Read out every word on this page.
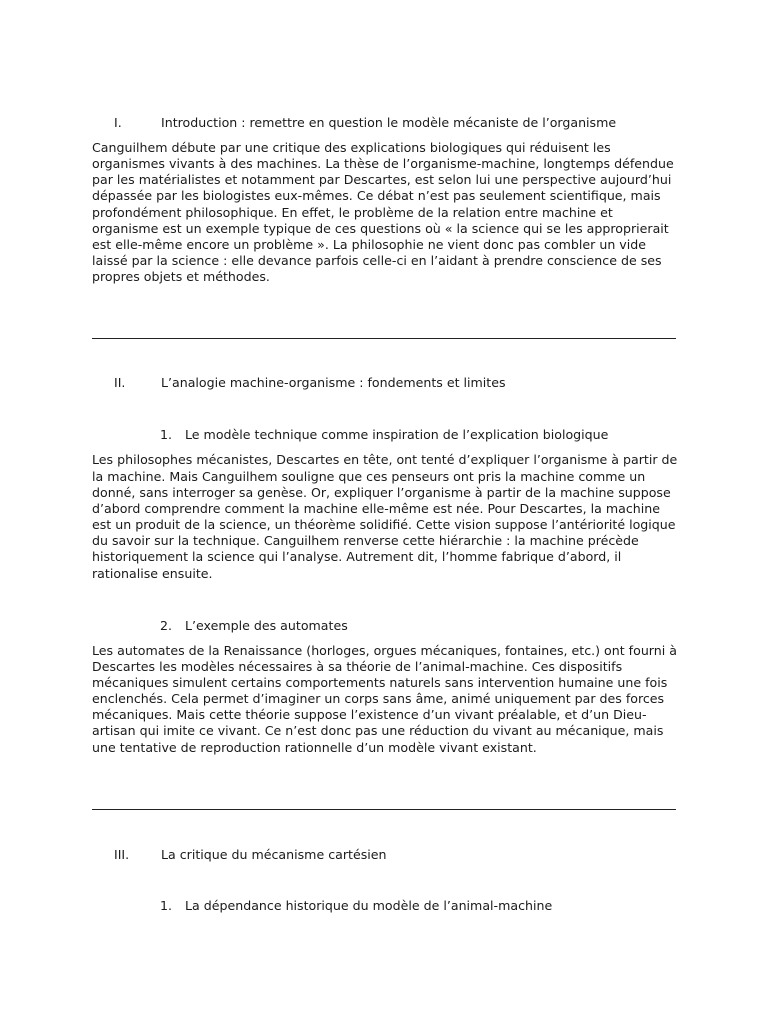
I.	Introduction : remettre en question le modèle mécaniste de l’organisme

Canguilhem débute par une critique des explications biologiques qui réduisent les organismes vivants à des machines. La thèse de l’organisme-machine, longtemps défendue par les matérialistes et notamment par Descartes, est selon lui une perspective aujourd’hui dépassée par les biologistes eux-mêmes. Ce débat n’est pas seulement scientifique, mais profondément philosophique. En effet, le problème de la relation entre machine et organisme est un exemple typique de ces questions où « la science qui se les approprierait est elle-même encore un problème ». La philosophie ne vient donc pas combler un vide laissé par la science : elle devance parfois celle-ci en l’aidant à prendre conscience de ses propres objets et méthodes.

II.	L’analogie machine-organisme : fondements et limites
1. Le modèle technique comme inspiration de l’explication biologique

Les philosophes mécanistes, Descartes en tête, ont tenté d’expliquer l’organisme à partir de la machine. Mais Canguilhem souligne que ces penseurs ont pris la machine comme un donné, sans interroger sa genèse. Or, expliquer l’organisme à partir de la machine suppose d’abord comprendre comment la machine elle-même est née. Pour Descartes, la machine est un produit de la science, un théorème solidifié. Cette vision suppose l’antériorité logique du savoir sur la technique. Canguilhem renverse cette hiérarchie : la machine précède historiquement la science qui l’analyse. Autrement dit, l’homme fabrique d’abord, il rationalise ensuite.

2. L’exemple des automates

Les automates de la Renaissance (horloges, orgues mécaniques, fontaines, etc.) ont fourni à Descartes les modèles nécessaires à sa théorie de l’animal-machine. Ces dispositifs mécaniques simulent certains comportements naturels sans intervention humaine une fois enclenchés. Cela permet d’imaginer un corps sans âme, animé uniquement par des forces mécaniques. Mais cette théorie suppose l’existence d’un vivant préalable, et d’un Dieu-artisan qui imite ce vivant. Ce n’est donc pas une réduction du vivant au mécanique, mais une tentative de reproduction rationnelle d’un modèle vivant existant.

III.	La critique du mécanisme cartésien
1. La dépendance historique du modèle de l’animal-machine
